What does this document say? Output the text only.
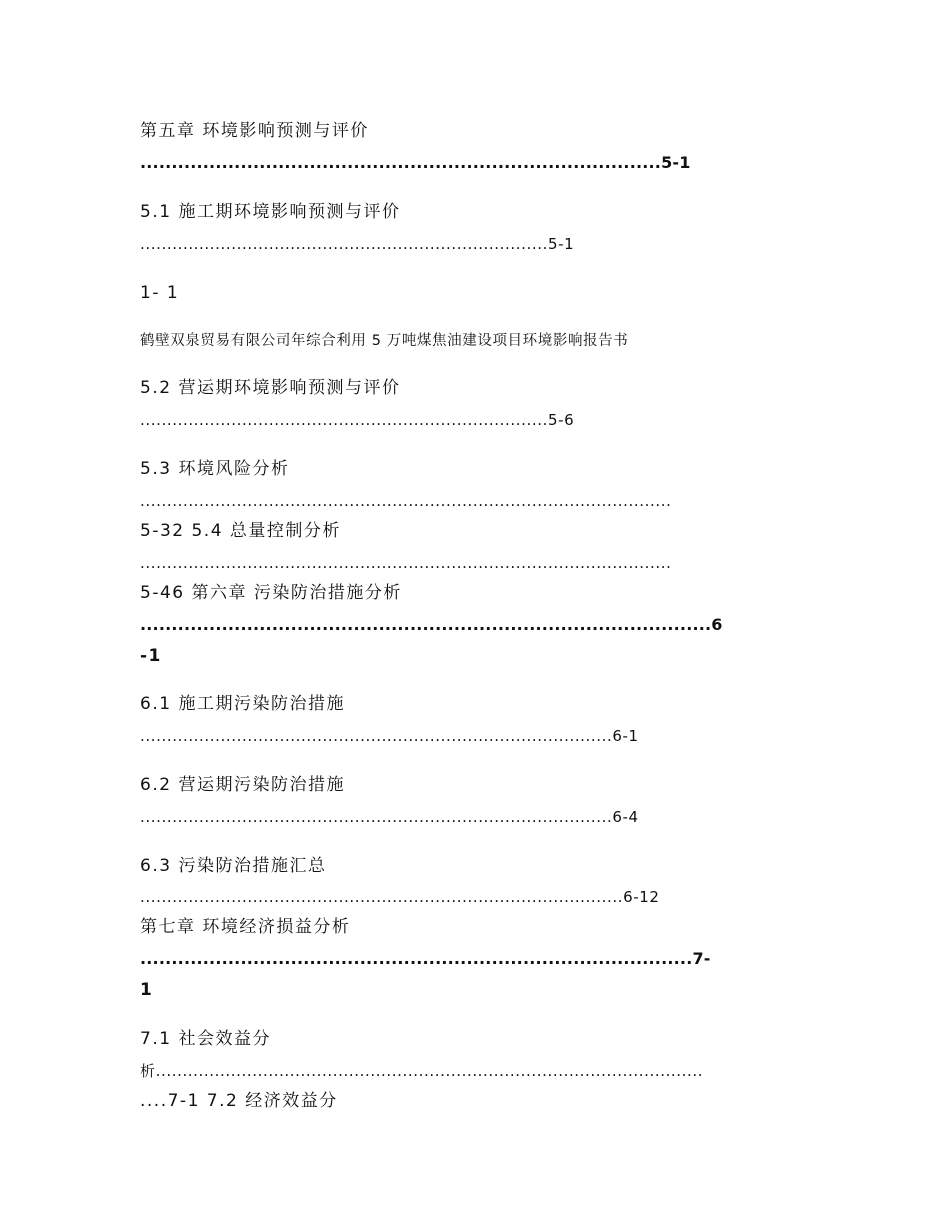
第五章 环境影响预测与评价
...................................................................................5-1
5.1 施工期环境影响预测与评价
............................................................................5-1
1- 1
鹤壁双泉贸易有限公司年综合利用 5 万吨煤焦油建设项目环境影响报告书
5.2 营运期环境影响预测与评价
............................................................................5-6
5.3 环境风险分析
...................................................................................................
5-32 5.4 总量控制分析
...................................................................................................
5-46 第六章 污染防治措施分析
...........................................................................................6
-1
6.1 施工期污染防治措施
........................................................................................6-1
6.2 营运期污染防治措施
........................................................................................6-4
6.3 污染防治措施汇总
..........................................................................................6-12
第七章 环境经济损益分析
........................................................................................7-
1
7.1 社会效益分
析......................................................................................................
....7-1 7.2 经济效益分
